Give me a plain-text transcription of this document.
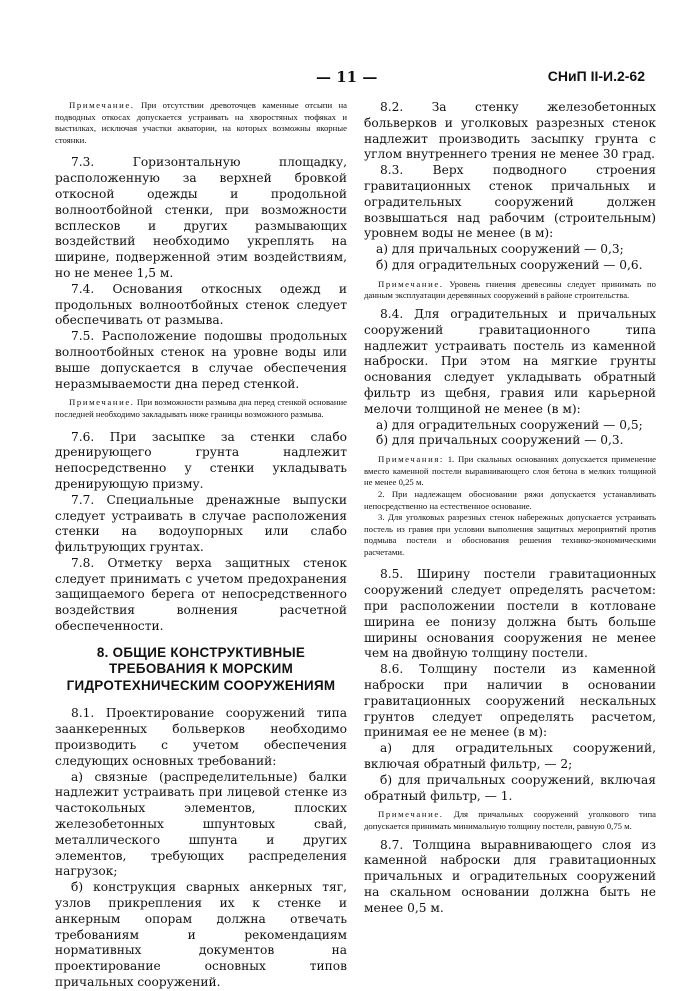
— 11 —	СНиП II-И.2-62

Примечание. При отсутствии древоточцев каменные отсыпи на подводных откосах допускается устраивать на хворостяных тюфяках и выстилках, исключая участки акватории, на которых возможны якорные стоянки.

7.3. Горизонтальную площадку, расположенную за верхней бровкой откосной одежды и продольной волноотбойной стенки, при возможности всплесков и других размывающих воздействий необходимо укреплять на ширине, подверженной этим воздействиям, но не менее 1,5 м.

7.4. Основания откосных одежд и продольных волноотбойных стенок следует обеспечивать от размыва.

7.5. Расположение подошвы продольных волноотбойных стенок на уровне воды или выше допускается в случае обеспечения неразмываемости дна перед стенкой.

Примечание. При возможности размыва дна перед стенкой основание последней необходимо закладывать ниже границы возможного размыва.

7.6. При засыпке за стенки слабо дренирующего грунта надлежит непосредственно у стенки укладывать дренирующую призму.

7.7. Специальные дренажные выпуски следует устраивать в случае расположения стенки на водоупорных или слабо фильтрующих грунтах.

7.8. Отметку верха защитных стенок следует принимать с учетом предохранения защищаемого берега от непосредственного воздействия волнения расчетной обеспеченности.

8. ОБЩИЕ КОНСТРУКТИВНЫЕ ТРЕБОВАНИЯ К МОРСКИМ ГИДРОТЕХНИЧЕСКИМ СООРУЖЕНИЯМ

8.1. Проектирование сооружений типа заанкеренных больверков необходимо производить с учетом обеспечения следующих основных требований:

а) связные (распределительные) балки надлежит устраивать при лицевой стенке из частокольных элементов, плоских железобетонных шпунтовых свай, металлического шпунта и других элементов, требующих распределения нагрузок;

б) конструкция сварных анкерных тяг, узлов прикрепления их к стенке и анкерным опорам должна отвечать требованиям и рекомендациям нормативных документов на проектирование основных типов причальных сооружений.

8.2. За стенку железобетонных больверков и уголковых разрезных стенок надлежит производить засыпку грунта с углом внутреннего трения не менее 30 град.

8.3. Верх подводного строения гравитационных стенок причальных и оградительных сооружений должен возвышаться над рабочим (строительным) уровнем воды не менее (в м):

а) для причальных сооружений — 0,3;

б) для оградительных сооружений — 0,6.

Примечание. Уровень гниения древесины следует принимать по данным эксплуатации деревянных сооружений в районе строительства.

8.4. Для оградительных и причальных сооружений гравитационного типа надлежит устраивать постель из каменной наброски. При этом на мягкие грунты основания следует укладывать обратный фильтр из щебня, гравия или карьерной мелочи толщиной не менее (в м):

а) для оградительных сооружений — 0,5;

б) для причальных сооружений — 0,3.

Примечания: 1. При скальных основаниях допускается применение вместо каменной постели выравнивающего слоя бетона в мелких толщиной не менее 0,25 м.

2. При надлежащем обосновании ряжи допускается устанавливать непосредственно на естественное основание.

3. Для уголковых разрезных стенок набережных допускается устраивать постель из гравия при условии выполнения защитных мероприятий против подмыва постели и обоснования решения технико-экономическими расчетами.

8.5. Ширину постели гравитационных сооружений следует определять расчетом: при расположении постели в котловане ширина ее понизу должна быть больше ширины основания сооружения не менее чем на двойную толщину постели.

8.6. Толщину постели из каменной наброски при наличии в основании гравитационных сооружений нескальных грунтов следует определять расчетом, принимая ее не менее (в м):

а) для оградительных сооружений, включая обратный фильтр, — 2;

б) для причальных сооружений, включая обратный фильтр, — 1.

Примечание. Для причальных сооружений уголкового типа допускается принимать минимальную толщину постели, равную 0,75 м.

8.7. Толщина выравнивающего слоя из каменной наброски для гравитационных причальных и оградительных сооружений на скальном основании должна быть не менее 0,5 м.
